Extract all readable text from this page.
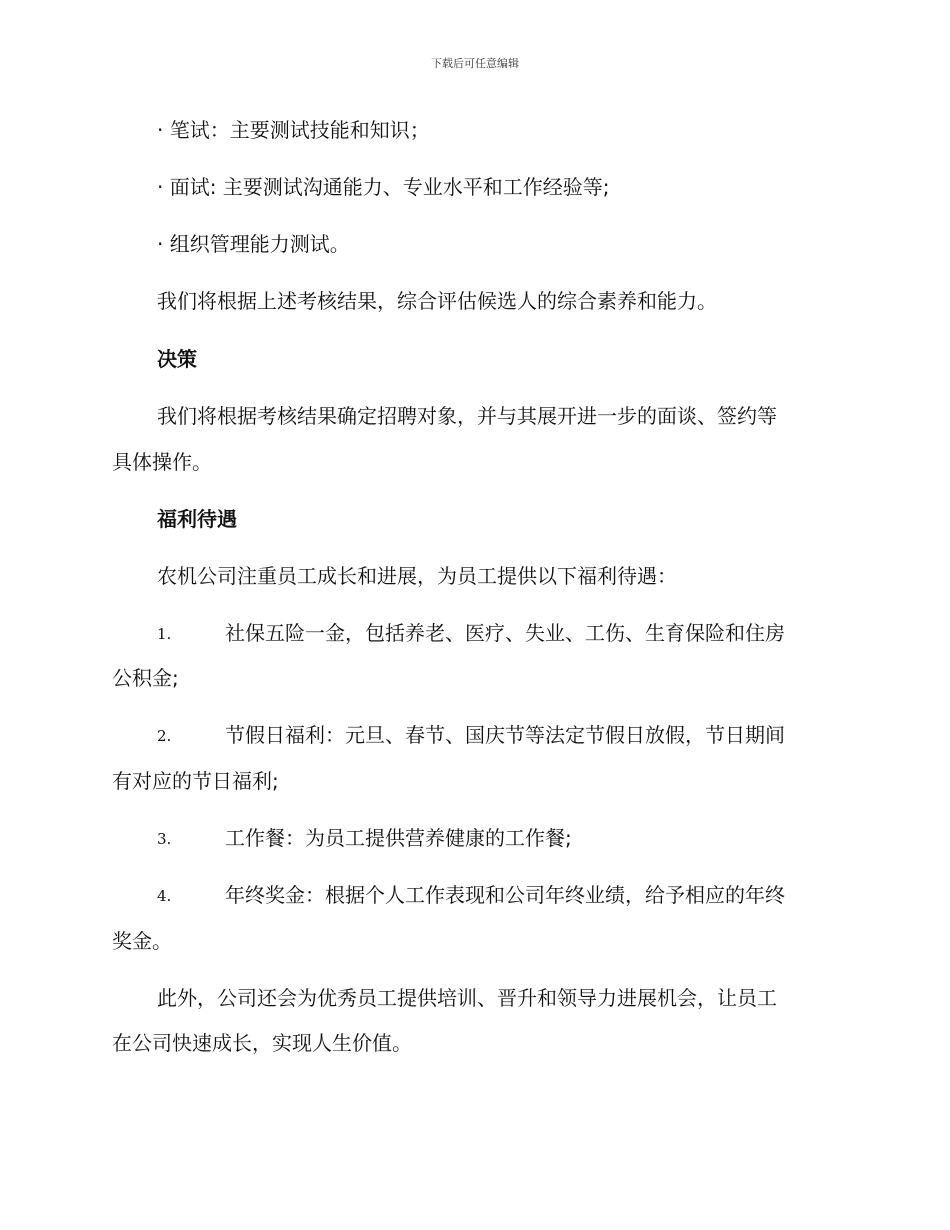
下载后可任意编辑
· 笔试：主要测试技能和知识；
· 面试: 主要测试沟通能力、专业水平和工作经验等;
· 组织管理能力测试。
我们将根据上述考核结果，综合评估候选人的综合素养和能力。
决策
我们将根据考核结果确定招聘对象，并与其展开进一步的面谈、签约等
具体操作。
福利待遇
农机公司注重员工成长和进展，为员工提供以下福利待遇：
1.	社保五险一金，包括养老、医疗、失业、工伤、生育保险和住房
公积金;
2.	节假日福利：元旦、春节、国庆节等法定节假日放假，节日期间
有对应的节日福利;
3.	工作餐：为员工提供营养健康的工作餐;
4.	年终奖金：根据个人工作表现和公司年终业绩，给予相应的年终
奖金。
此外，公司还会为优秀员工提供培训、晋升和领导力进展机会，让员工
在公司快速成长，实现人生价值。
